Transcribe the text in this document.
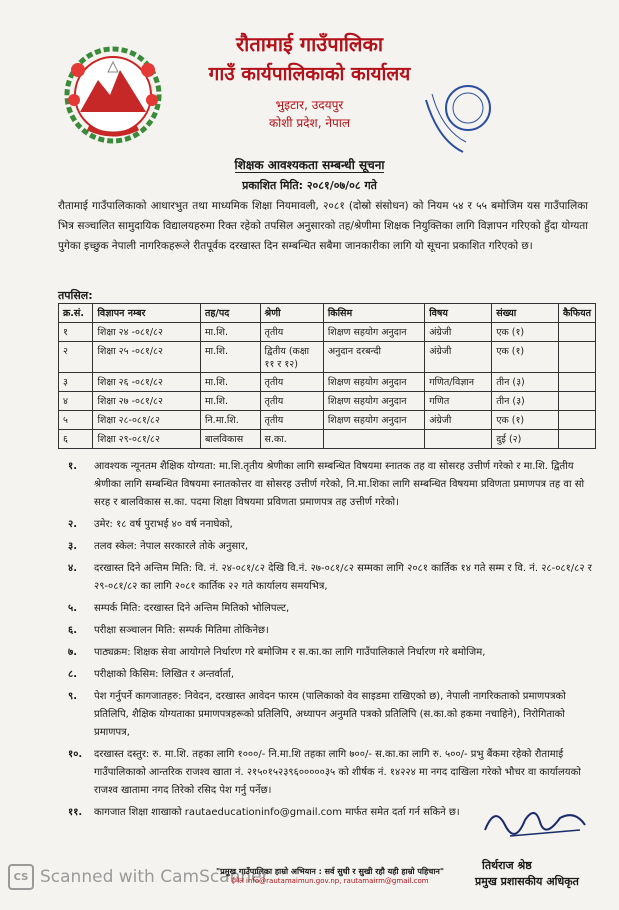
रौतामाई गाउँपालिका
गाउँ कार्यपालिकाको कार्यालय
भुइटार, उदयपुर
कोशी प्रदेश, नेपाल
शिक्षक आवश्यकता सम्बन्धी सूचना
प्रकाशित मिति: २०८१/०७/०८ गते
रौतामाई गाउँपालिकाको आधारभुत तथा माध्यमिक शिक्षा नियमावली, २०८१ (दोस्रो संसोधन) को नियम ५४ र ५५ बमोजिम यस गाउँपालिका भित्र सञ्चालित सामुदायिक विद्यालयहरुमा रिक्त रहेको तपसिल अनुसारको तह/श्रेणीमा शिक्षक नियुक्तिका लागि विज्ञापन गरिएको हुँदा योग्यता पुगेका इच्छुक नेपाली नागरिकहरूले रीतपूर्वक दरखास्त दिन सम्बन्धित सबैमा जानकारीका लागि यो सूचना प्रकाशित गरिएको छ।
तपसिल:
क्र.सं.	विज्ञापन नम्बर	तह/पद	श्रेणी	किसिम	विषय	संख्या	कैफियत
१	शिक्षा २४ -०८१/८२	मा.शि.	तृतीय	शिक्षण सहयोग अनुदान	अंग्रेजी	एक (१)	
२	शिक्षा २५ -०८१/८२	मा.शि.	द्वितीय (कक्षा ११ र १२)	अनुदान दरबन्दी	अंग्रेजी	एक (१)	
३	शिक्षा २६ -०८१/८२	मा.शि.	तृतीय	शिक्षण सहयोग अनुदान	गणित/विज्ञान	तीन (३)	
४	शिक्षा २७ -०८१/८२	मा.शि.	तृतीय	शिक्षण सहयोग अनुदान	गणित	तीन (३)	
५	शिक्षा २८-०८१/८२	नि.मा.शि.	तृतीय	शिक्षण सहयोग अनुदान	अंग्रेजी	एक (१)	
६	शिक्षा २९-०८१/८२	बालविकास	स.का.			दुई (२)	
१.	आवश्यक न्यूनतम शैक्षिक योग्यता: मा.शि.तृतीय श्रेणीका लागि सम्बन्धित विषयमा स्नातक तह वा सोसरह उत्तीर्ण गरेको र मा.शि. द्वितीय श्रेणीका लागि सम्बन्धित विषयमा स्नातकोत्तर वा सोसरह उत्तीर्ण गरेको, नि.मा.शिका लागि सम्बन्धित विषयमा प्रविणता प्रमाणपत्र तह वा सो सरह र बालविकास स.का. पदमा शिक्षा विषयमा प्रविणता प्रमाणपत्र तह उत्तीर्ण गरेको।
२.	उमेर: १८ वर्ष पुराभई ४० वर्ष ननाघेको,
३.	तलव स्केल: नेपाल सरकारले तोके अनुसार,
४.	दरखास्त दिने अन्तिम मिति: वि. नं. २४-०८१/८२ देखि वि.नं. २७-०८१/८२ सम्मका लागि २०८१ कार्तिक १४ गते सम्म र वि. नं. २८-०८१/८२ र २९-०८१/८२ का लागि २०८१ कार्तिक २२ गते कार्यालय समयभित्र,
५.	सम्पर्क मिति: दरखास्त दिने अन्तिम मितिको भोलिपल्ट,
६.	परीक्षा सञ्चालन मिति: सम्पर्क मितिमा तोकिनेछ।
७.	पाठ्यक्रम: शिक्षक सेवा आयोगले निर्धारण गरे बमोजिम र स.का.का लागि गाउँपालिकाले निर्धारण गरे बमोजिम,
८.	परीक्षाको किसिम: लिखित र अन्तर्वार्ता,
९.	पेश गर्नुपर्ने कागजातहरु: निवेदन, दरखास्त आवेदन फारम (पालिकाको वेव साइडमा राखिएको छ), नेपाली नागरिकताको प्रमाणपत्रको प्रतिलिपि, शैक्षिक योग्यताका प्रमाणपत्रहरूको प्रतिलिपि, अध्यापन अनुमति पत्रको प्रतिलिपि (स.का.को हकमा नचाहिने), निरोगिताको प्रमाणपत्र,
१०.	दरखास्त दस्तुर: रु. मा.शि. तहका लागि १०००/- नि.मा.शि तहका लागि ७००/- स.का.का लागि रु. ५००/- प्रभु बैंकमा रहेको रौतामाई गाउँपालिकाको आन्तरिक राजश्व खाता नं. २१५०१५२३९६०००००३५ को शीर्षक नं. १४२२४ मा नगद दाखिला गरेको भौचर वा कार्यालयको राजश्व खातामा नगद तिरेको रसिद पेश गर्नु पर्नेछ।
११.	कागजात शिक्षा शाखाको rautaeducationinfo@gmail.com मार्फत समेत दर्ता गर्न सकिने छ।
तिर्थराज श्रेष्ठ
प्रमुख प्रशासकीय अधिकृत
CS Scanned with CamScanner
"प्रमुख गाउँपालिका हाम्रो अभियान : सर्व सुधी र सुखी रहौ यही हाम्रो पहिचान"
ईमेल info@rautamaimun.gov.np, rautamairm@gmail.com
